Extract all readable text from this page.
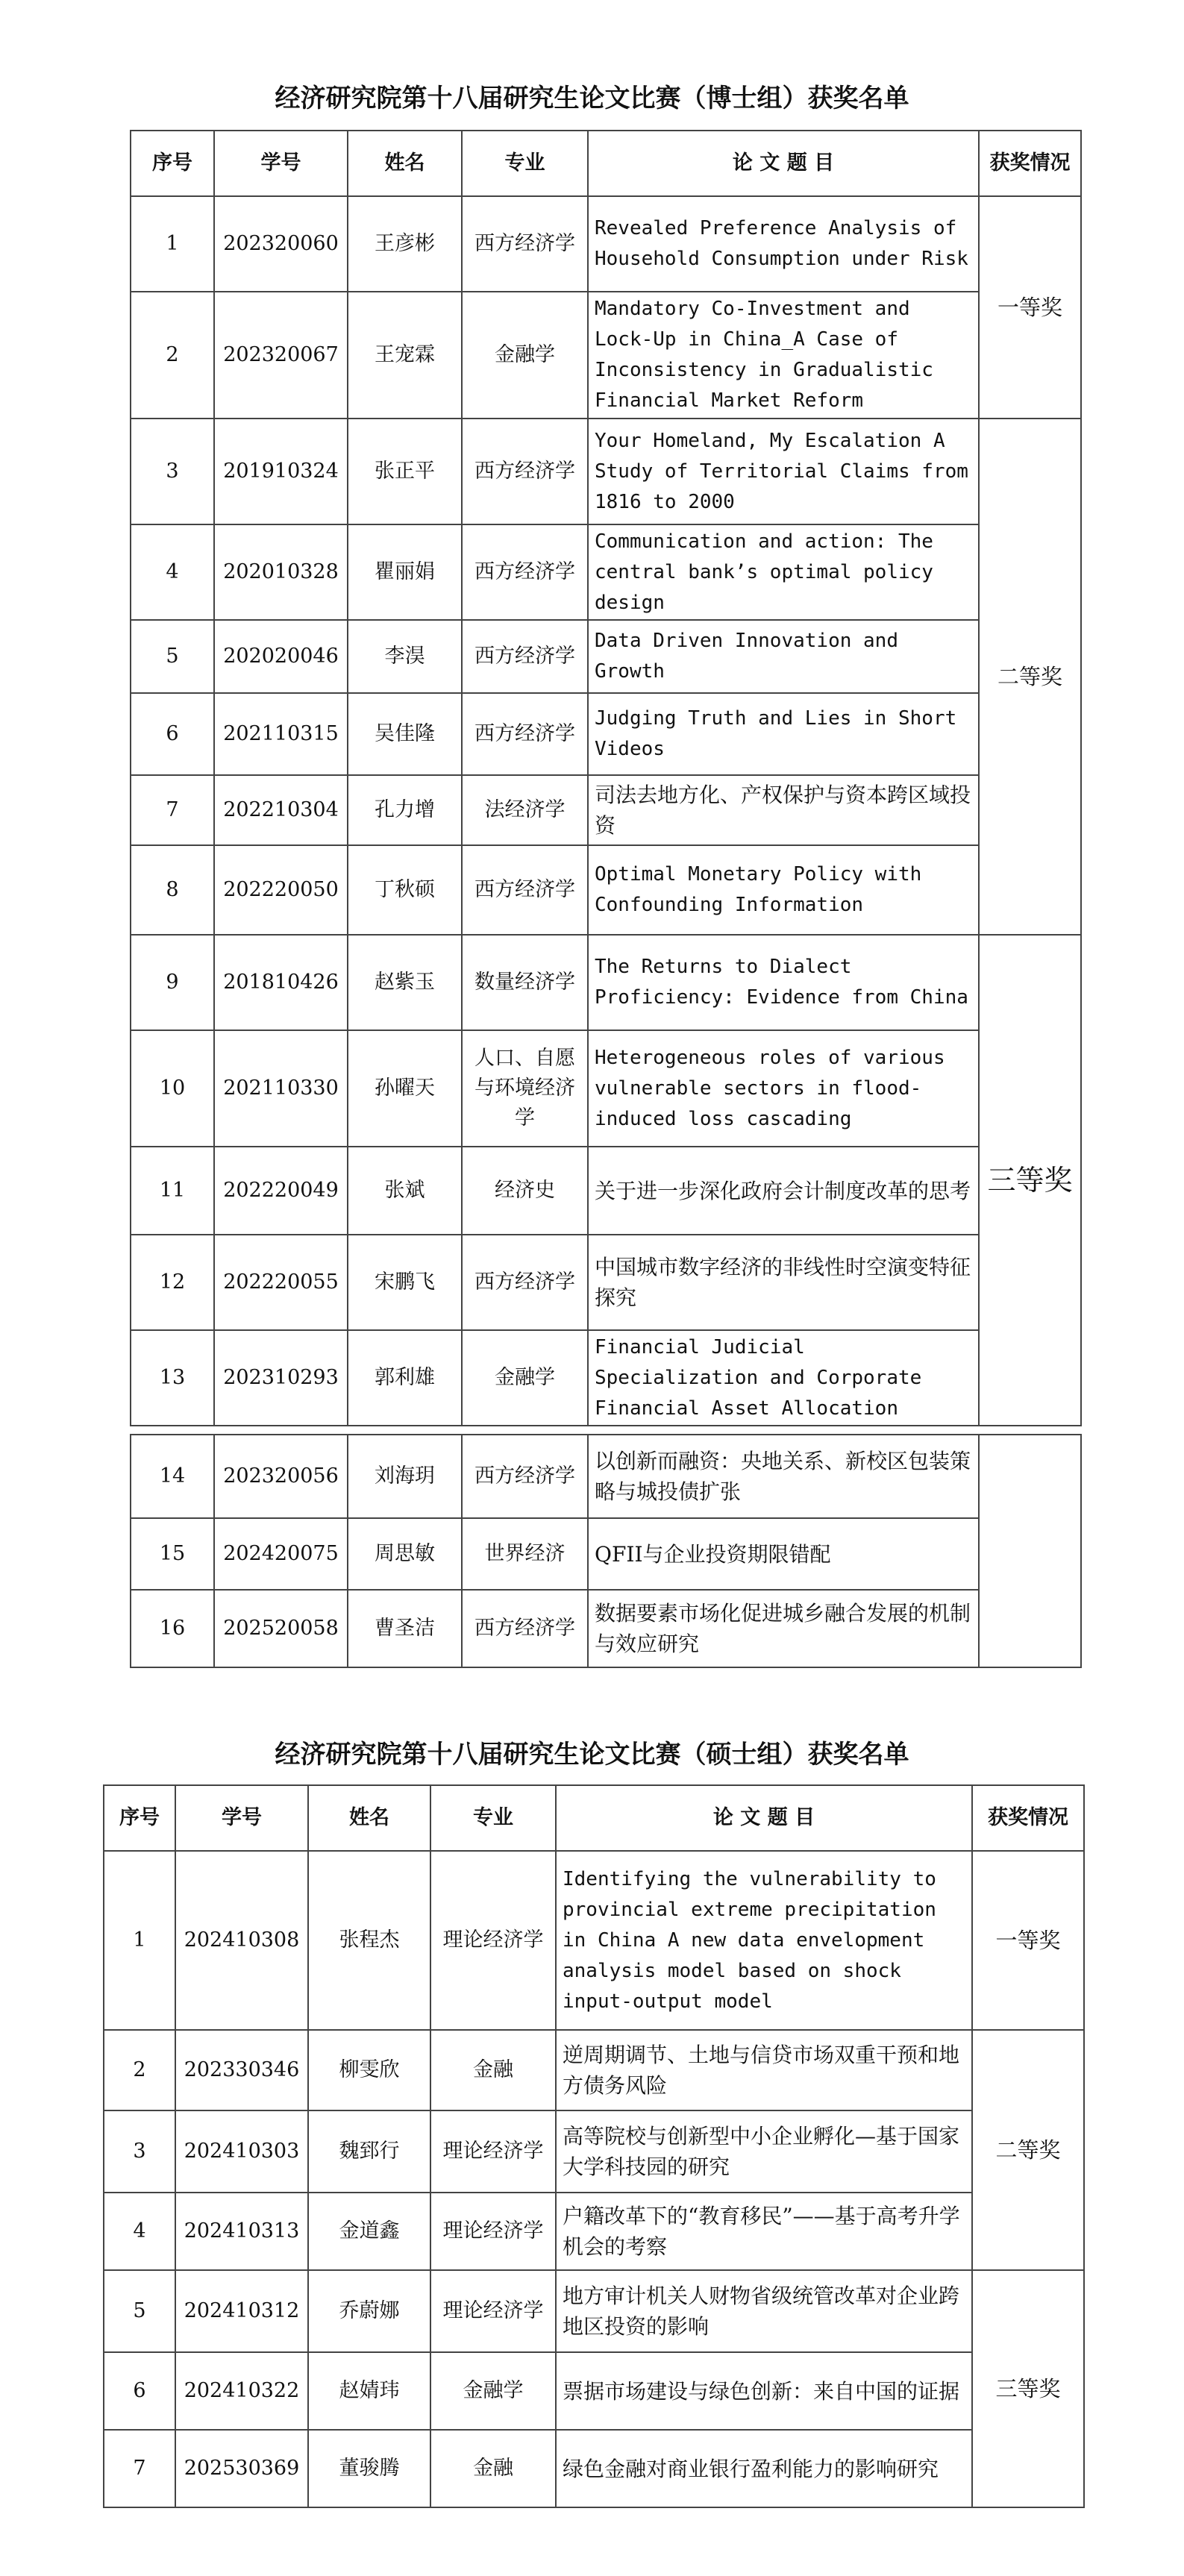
经济研究院第十八届研究生论文比赛（博士组）获奖名单
序号	学号	姓名	专业	论 文 题 目	获奖情况
1	202320060	王彦彬	西方经济学	Revealed Preference Analysis of Household Consumption under Risk	一等奖
2	202320067	王宠霖	金融学	Mandatory Co-Investment and Lock-Up in China_A Case of Inconsistency in Gradualistic Financial Market Reform	
3	201910324	张正平	西方经济学	Your Homeland, My Escalation A Study of Territorial Claims from 1816 to 2000	二等奖
4	202010328	瞿丽娟	西方经济学	Communication and action: The central bank’s optimal policy design	
5	202020046	李淏	西方经济学	Data Driven Innovation and Growth	
6	202110315	吴佳隆	西方经济学	Judging Truth and Lies in Short Videos	
7	202210304	孔力增	法经济学	司法去地方化、产权保护与资本跨区域投资	
8	202220050	丁秋硕	西方经济学	Optimal Monetary Policy with Confounding Information	
9	201810426	赵紫玉	数量经济学	The Returns to Dialect Proficiency: Evidence from China	三等奖
10	202110330	孙曜天	人口、自愿与环境经济学	Heterogeneous roles of various vulnerable sectors in flood-induced loss cascading	
11	202220049	张斌	经济史	关于进一步深化政府会计制度改革的思考	
12	202220055	宋鹏飞	西方经济学	中国城市数字经济的非线性时空演变特征探究	
13	202310293	郭利雄	金融学	Financial Judicial Specialization and Corporate Financial Asset Allocation	

14	202320056	刘海玥	西方经济学	以创新而融资：央地关系、新校区包装策略与城投债扩张	
15	202420075	周思敏	世界经济	QFII与企业投资期限错配	
16	202520058	曹圣洁	西方经济学	数据要素市场化促进城乡融合发展的机制与效应研究	
经济研究院第十八届研究生论文比赛（硕士组）获奖名单
序号	学号	姓名	专业	论 文 题 目	获奖情况
1	202410308	张程杰	理论经济学	Identifying the vulnerability to provincial extreme precipitation in China A new data envelopment analysis model based on shock input-output model	一等奖
2	202330346	柳雯欣	金融	逆周期调节、土地与信贷市场双重干预和地方债务风险	二等奖
3	202410303	魏郅行	理论经济学	高等院校与创新型中小企业孵化—基于国家大学科技园的研究	
4	202410313	金道鑫	理论经济学	户籍改革下的“教育移民”——基于高考升学机会的考察	
5	202410312	乔蔚娜	理论经济学	地方审计机关人财物省级统管改革对企业跨地区投资的影响	三等奖
6	202410322	赵婧玮	金融学	票据市场建设与绿色创新：来自中国的证据	
7	202530369	董骏腾	金融	绿色金融对商业银行盈利能力的影响研究	
